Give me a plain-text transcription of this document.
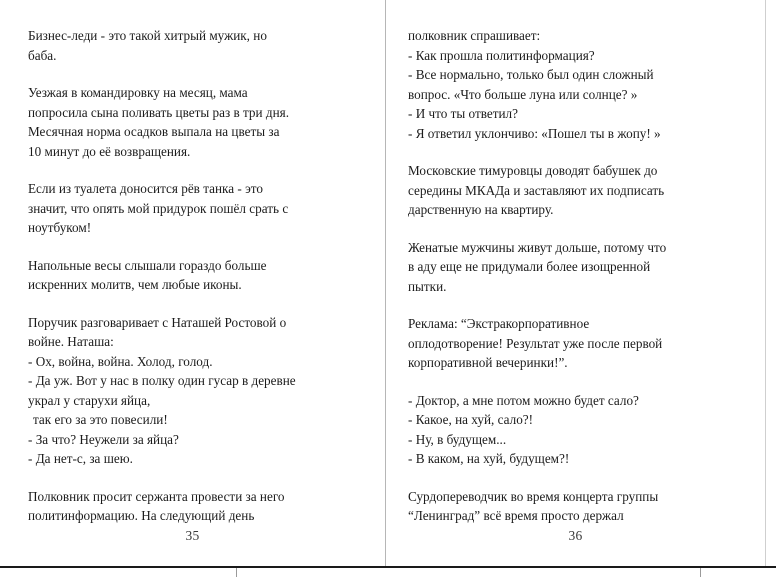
Бизнес-леди - это такой хитрый мужик, но
баба.

Уезжая в командировку на месяц, мама
попросила сына поливать цветы раз в три дня.
Месячная норма осадков выпала на цветы за
10 минут до её возвращения.

Если из туалета доносится рёв танка - это
значит, что опять мой придурок пошёл срать с
ноутбуком!

Напольные весы слышали гораздо больше
искренних молитв, чем любые иконы.

Поручик разговаривает с Наташей Ростовой о
войне. Наташа:
- Ох, война, война. Холод, голод.
- Да уж. Вот у нас в полку один гусар в деревне
украл у старухи яйца,
так его за это повесили!
- За что? Неужели за яйца?
- Да нет-с, за шею.

Полковник просит сержанта провести за него
политинформацию. На следующий день

35

полковник спрашивает:
- Как прошла политинформация?
- Все нормально, только был один сложный
вопрос. «Что больше луна или солнце? »
- И что ты ответил?
- Я ответил уклончиво: «Пошел ты в жопу! »

Московские тимуровцы доводят бабушек до
середины МКАДа и заставляют их подписать
дарственную на квартиру.

Женатые мужчины живут дольше, потому что
в аду еще не придумали более изощренной
пытки.

Реклама: “Экстракорпоративное
оплодотворение! Результат уже после первой
корпоративной вечеринки!”.

- Доктор, а мне потом можно будет сало?
- Какое, на хуй, сало?!
- Ну, в будущем...
- В каком, на хуй, будущем?!

Сурдопереводчик во время концерта группы
“Ленинград” всё время просто держал

36
